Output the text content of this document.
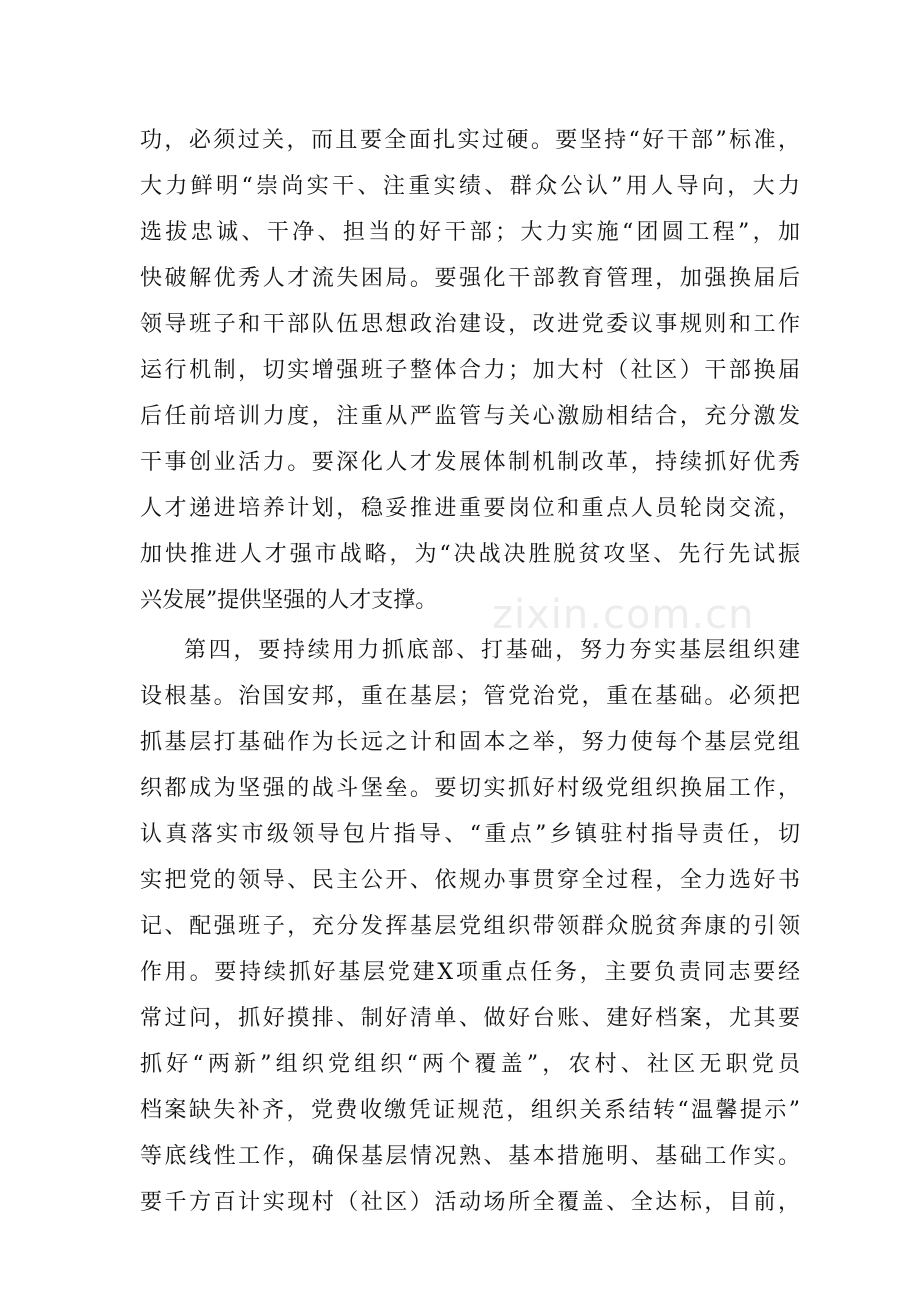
功，必须过关，而且要全面扎实过硬。要坚持“好干部”标准，
大力鲜明“崇尚实干、注重实绩、群众公认”用人导向，大力
选拔忠诚、干净、担当的好干部；大力实施“团圆工程”，加
快破解优秀人才流失困局。要强化干部教育管理，加强换届后
领导班子和干部队伍思想政治建设，改进党委议事规则和工作
运行机制，切实增强班子整体合力；加大村（社区）干部换届
后任前培训力度，注重从严监管与关心激励相结合，充分激发
干事创业活力。要深化人才发展体制机制改革，持续抓好优秀
人才递进培养计划，稳妥推进重要岗位和重点人员轮岗交流，
加快推进人才强市战略，为“决战决胜脱贫攻坚、先行先试振
兴发展”提供坚强的人才支撑。
第四，要持续用力抓底部、打基础，努力夯实基层组织建
设根基。治国安邦，重在基层；管党治党，重在基础。必须把
抓基层打基础作为长远之计和固本之举，努力使每个基层党组
织都成为坚强的战斗堡垒。要切实抓好村级党组织换届工作，
认真落实市级领导包片指导、“重点”乡镇驻村指导责任，切
实把党的领导、民主公开、依规办事贯穿全过程，全力选好书
记、配强班子，充分发挥基层党组织带领群众脱贫奔康的引领
作用。要持续抓好基层党建X项重点任务，主要负责同志要经
常过问，抓好摸排、制好清单、做好台账、建好档案，尤其要
抓好“两新”组织党组织“两个覆盖”，农村、社区无职党员
档案缺失补齐，党费收缴凭证规范，组织关系结转“温馨提示”
等底线性工作，确保基层情况熟、基本措施明、基础工作实。
要千方百计实现村（社区）活动场所全覆盖、全达标，目前，
zixin.com.cn
